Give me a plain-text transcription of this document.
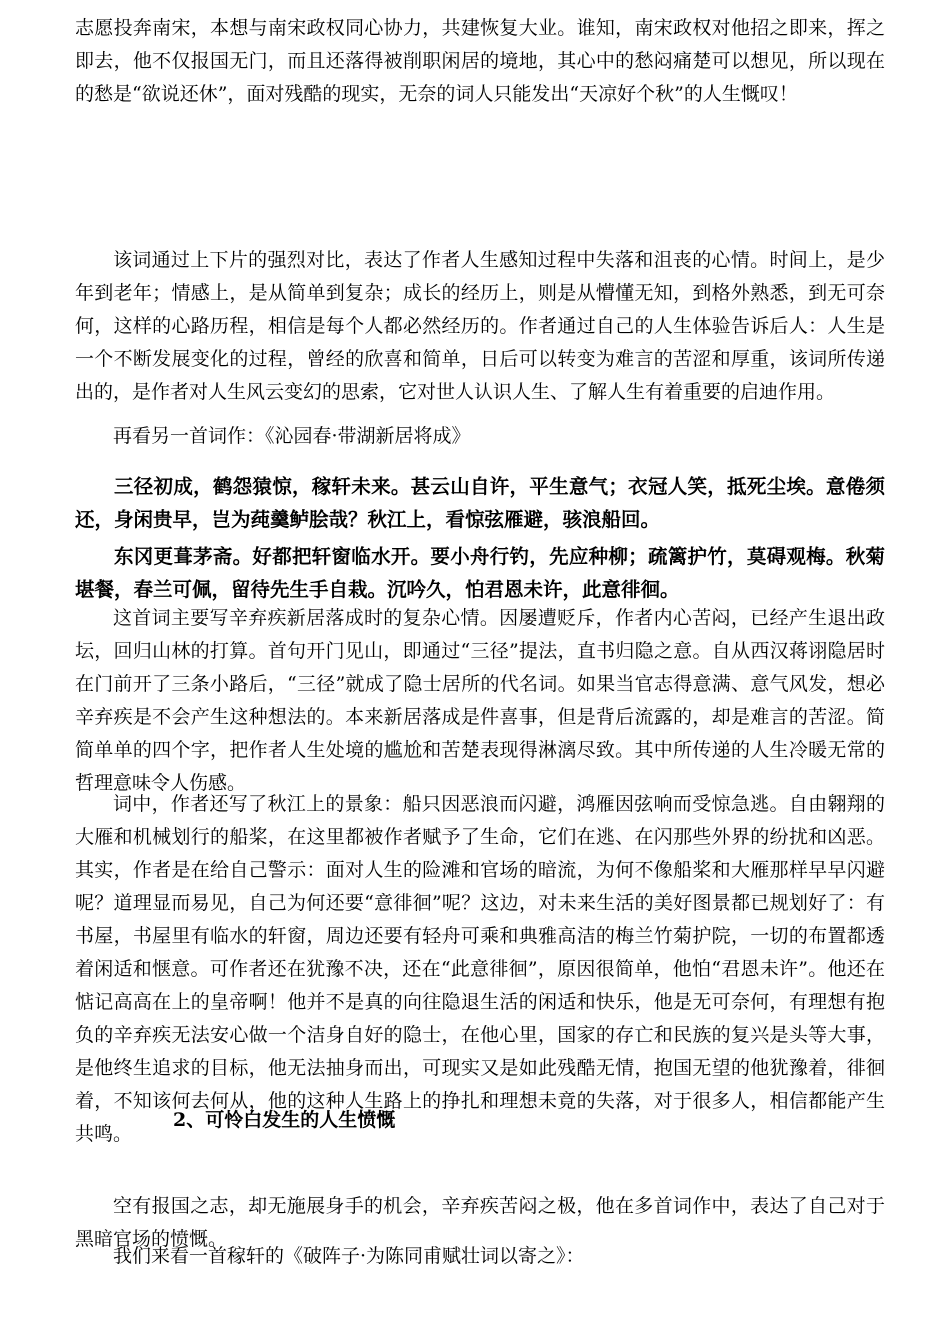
志愿投奔南宋，本想与南宋政权同心协力，共建恢复大业。谁知，南宋政权对他招之即来，挥之即去，他不仅报国无门，而且还落得被削职闲居的境地，其心中的愁闷痛楚可以想见，所以现在的愁是“欲说还休”，面对残酷的现实，无奈的词人只能发出“天凉好个秋”的人生慨叹！

该词通过上下片的强烈对比，表达了作者人生感知过程中失落和沮丧的心情。时间上，是少年到老年；情感上，是从简单到复杂；成长的经历上，则是从懵懂无知，到格外熟悉，到无可奈何，这样的心路历程，相信是每个人都必然经历的。作者通过自己的人生体验告诉后人：人生是一个不断发展变化的过程，曾经的欣喜和简单，日后可以转变为难言的苦涩和厚重，该词所传递出的，是作者对人生风云变幻的思索，它对世人认识人生、了解人生有着重要的启迪作用。

再看另一首词作：《沁园春·带湖新居将成》

三径初成，鹤怨猿惊，稼轩未来。甚云山自许，平生意气；衣冠人笑，抵死尘埃。意倦须还，身闲贵早，岂为莼羹鲈脍哉？秋江上，看惊弦雁避，骇浪船回。

东冈更葺茅斋。好都把轩窗临水开。要小舟行钓，先应种柳；疏篱护竹，莫碍观梅。秋菊堪餐，春兰可佩，留待先生手自栽。沉吟久，怕君恩未许，此意徘徊。

这首词主要写辛弃疾新居落成时的复杂心情。因屡遭贬斥，作者内心苦闷，已经产生退出政坛，回归山林的打算。首句开门见山，即通过“三径”提法，直书归隐之意。自从西汉蒋诩隐居时在门前开了三条小路后，“三径”就成了隐士居所的代名词。如果当官志得意满、意气风发，想必辛弃疾是不会产生这种想法的。本来新居落成是件喜事，但是背后流露的，却是难言的苦涩。简简单单的四个字，把作者人生处境的尴尬和苦楚表现得淋漓尽致。其中所传递的人生冷暖无常的哲理意味令人伤感。

词中，作者还写了秋江上的景象：船只因恶浪而闪避，鸿雁因弦响而受惊急逃。自由翱翔的大雁和机械划行的船桨，在这里都被作者赋予了生命，它们在逃、在闪那些外界的纷扰和凶恶。其实，作者是在给自己警示：面对人生的险滩和官场的暗流，为何不像船桨和大雁那样早早闪避呢？道理显而易见，自己为何还要“意徘徊”呢？这边，对未来生活的美好图景都已规划好了：有书屋，书屋里有临水的轩窗，周边还要有轻舟可乘和典雅高洁的梅兰竹菊护院，一切的布置都透着闲适和惬意。可作者还在犹豫不决，还在“此意徘徊”，原因很简单，他怕“君恩未许”。他还在惦记高高在上的皇帝啊！他并不是真的向往隐退生活的闲适和快乐，他是无可奈何，有理想有抱负的辛弃疾无法安心做一个洁身自好的隐士，在他心里，国家的存亡和民族的复兴是头等大事，是他终生追求的目标，他无法抽身而出，可现实又是如此残酷无情，抱国无望的他犹豫着，徘徊着，不知该何去何从，他的这种人生路上的挣扎和理想未竟的失落，对于很多人，相信都能产生共鸣。

2、可怜白发生的人生愤慨

空有报国之志，却无施展身手的机会，辛弃疾苦闷之极，他在多首词作中，表达了自己对于黑暗官场的愤慨。

我们来看一首稼轩的《破阵子·为陈同甫赋壮词以寄之》：
